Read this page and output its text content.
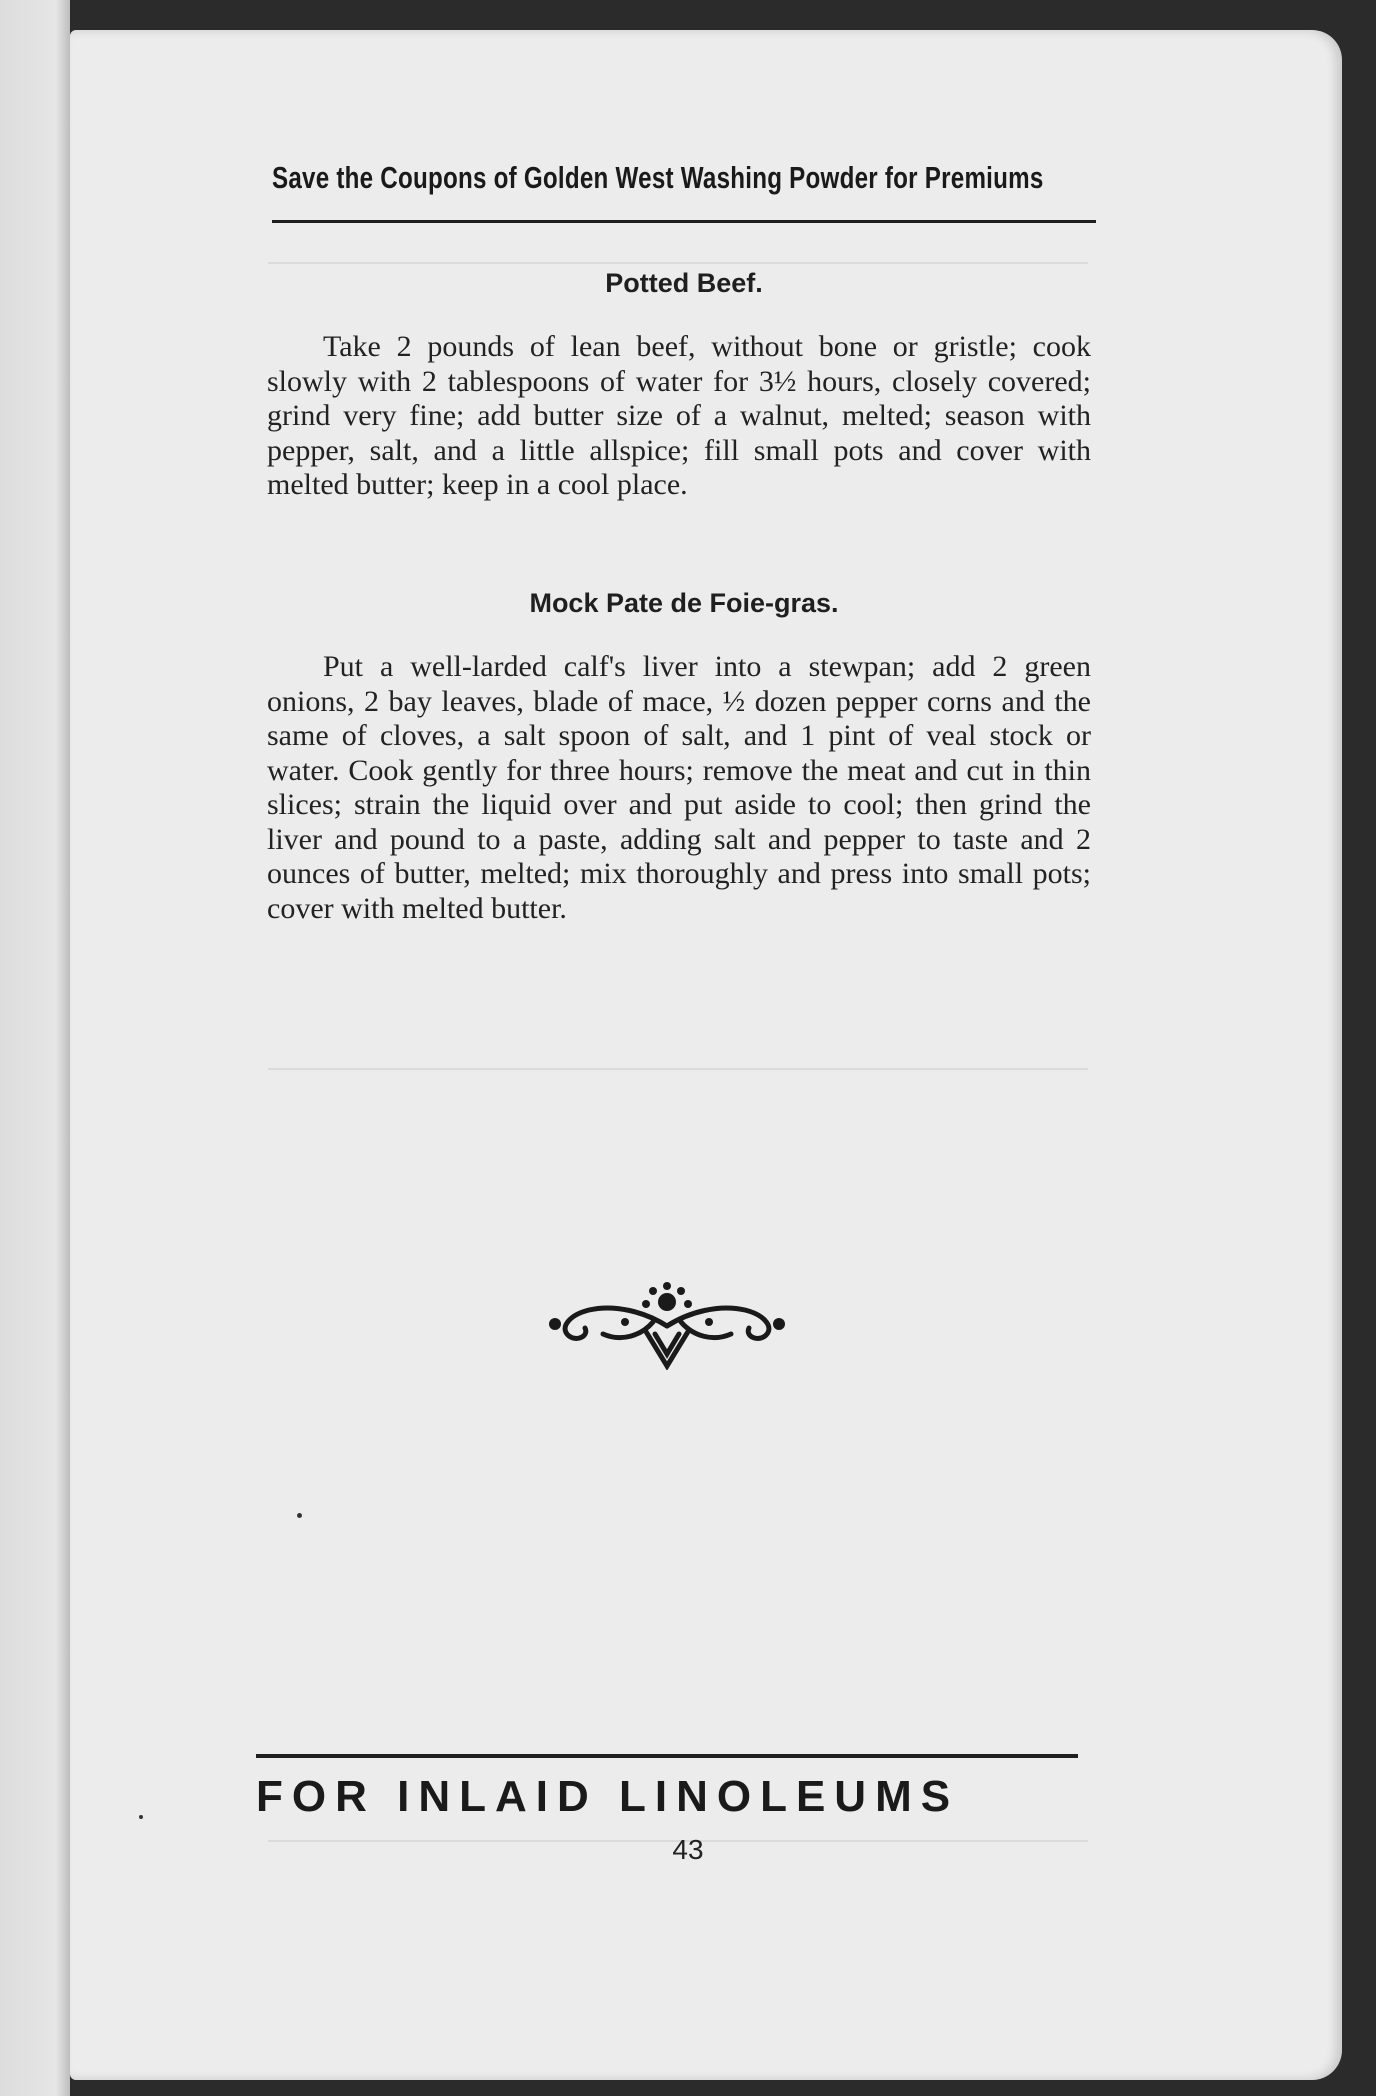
Save the Coupons of Golden West Washing Powder for Premiums
Potted Beef.

Take 2 pounds of lean beef, without bone or gristle; cook slowly with 2 tablespoons of water for 3½ hours, closely covered; grind very fine; add butter size of a walnut, melted; season with pepper, salt, and a little allspice; fill small pots and cover with melted butter; keep in a cool place.

Mock Pate de Foie-gras.

Put a well-larded calf's liver into a stewpan; add 2 green onions, 2 bay leaves, blade of mace, ½ dozen pepper corns and the same of cloves, a salt spoon of salt, and 1 pint of veal stock or water. Cook gently for three hours; remove the meat and cut in thin slices; strain the liquid over and put aside to cool; then grind the liver and pound to a paste, adding salt and pepper to taste and 2 ounces of butter, melted; mix thoroughly and press into small pots; cover with melted butter.

FOR INLAID LINOLEUMS
43
